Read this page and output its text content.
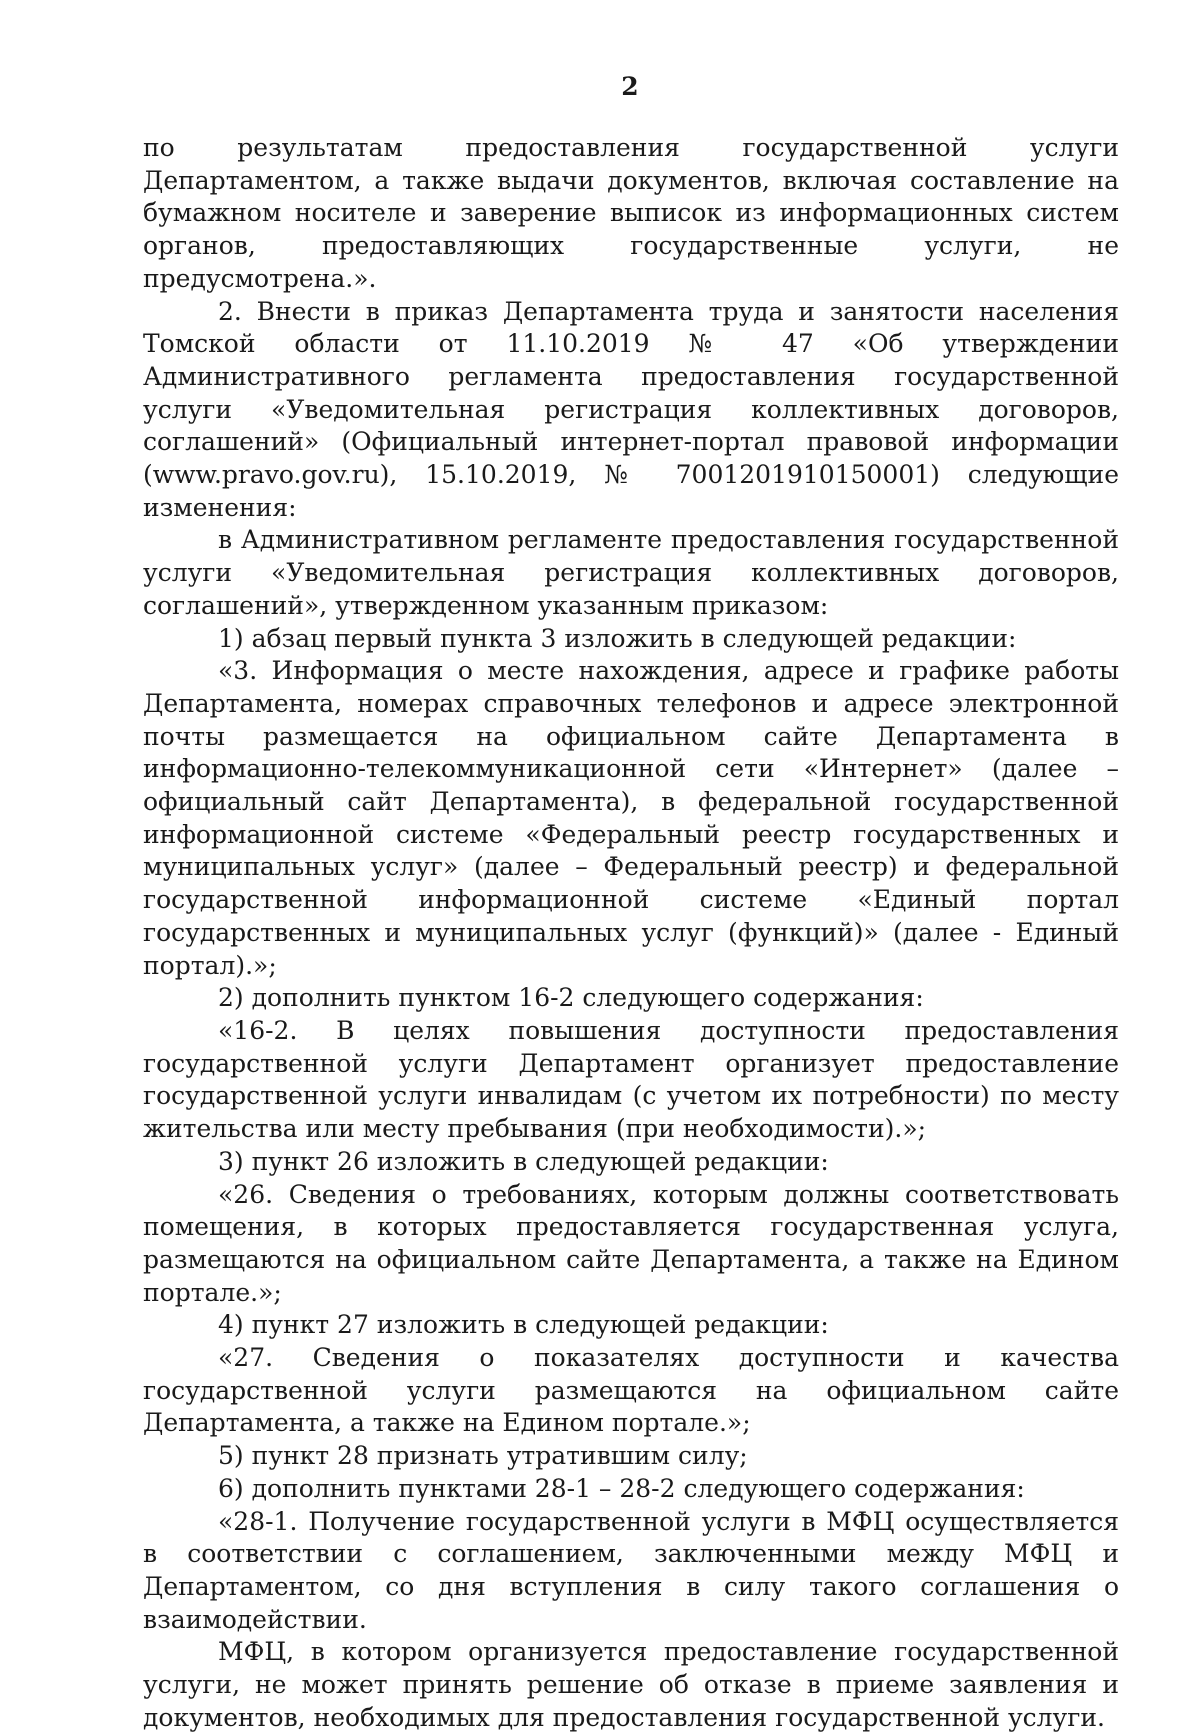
2

по результатам предоставления государственной услуги Департаментом, а также выдачи документов, включая составление на бумажном носителе и заверение выписок из информационных систем органов, предоставляющих государственные услуги, не предусмотрена.».

2. Внести в приказ Департамента труда и занятости населения Томской области от 11.10.2019 № 47 «Об утверждении Административного регламента предоставления государственной услуги «Уведомительная регистрация коллективных договоров, соглашений» (Официальный интернет-портал правовой информации (www.pravo.gov.ru), 15.10.2019, № 7001201910150001) следующие изменения:

в Административном регламенте предоставления государственной услуги «Уведомительная регистрация коллективных договоров, соглашений», утвержденном указанным приказом:

1) абзац первый пункта 3 изложить в следующей редакции:

«3. Информация о месте нахождения, адресе и графике работы Департамента, номерах справочных телефонов и адресе электронной почты размещается на официальном сайте Департамента в информационно-телекоммуникационной сети «Интернет» (далее – официальный сайт Департамента), в федеральной государственной информационной системе «Федеральный реестр государственных и муниципальных услуг» (далее – Федеральный реестр) и федеральной государственной информационной системе «Единый портал государственных и муниципальных услуг (функций)» (далее - Единый портал).»;

2) дополнить пунктом 16-2 следующего содержания:

«16-2. В целях повышения доступности предоставления государственной услуги Департамент организует предоставление государственной услуги инвалидам (с учетом их потребности) по месту жительства или месту пребывания (при необходимости).»;

3) пункт 26 изложить в следующей редакции:

«26. Сведения о требованиях, которым должны соответствовать помещения, в которых предоставляется государственная услуга, размещаются на официальном сайте Департамента, а также на Едином портале.»;

4) пункт 27 изложить в следующей редакции:

«27. Сведения о показателях доступности и качества государственной услуги размещаются на официальном сайте Департамента, а также на Едином портале.»;

5) пункт 28 признать утратившим силу;

6) дополнить пунктами 28-1 – 28-2 следующего содержания:

«28-1. Получение государственной услуги в МФЦ осуществляется в соответствии с соглашением, заключенными между МФЦ и Департаментом, со дня вступления в силу такого соглашения о взаимодействии.

МФЦ, в котором организуется предоставление государственной услуги, не может принять решение об отказе в приеме заявления и документов, необходимых для предоставления государственной услуги.
